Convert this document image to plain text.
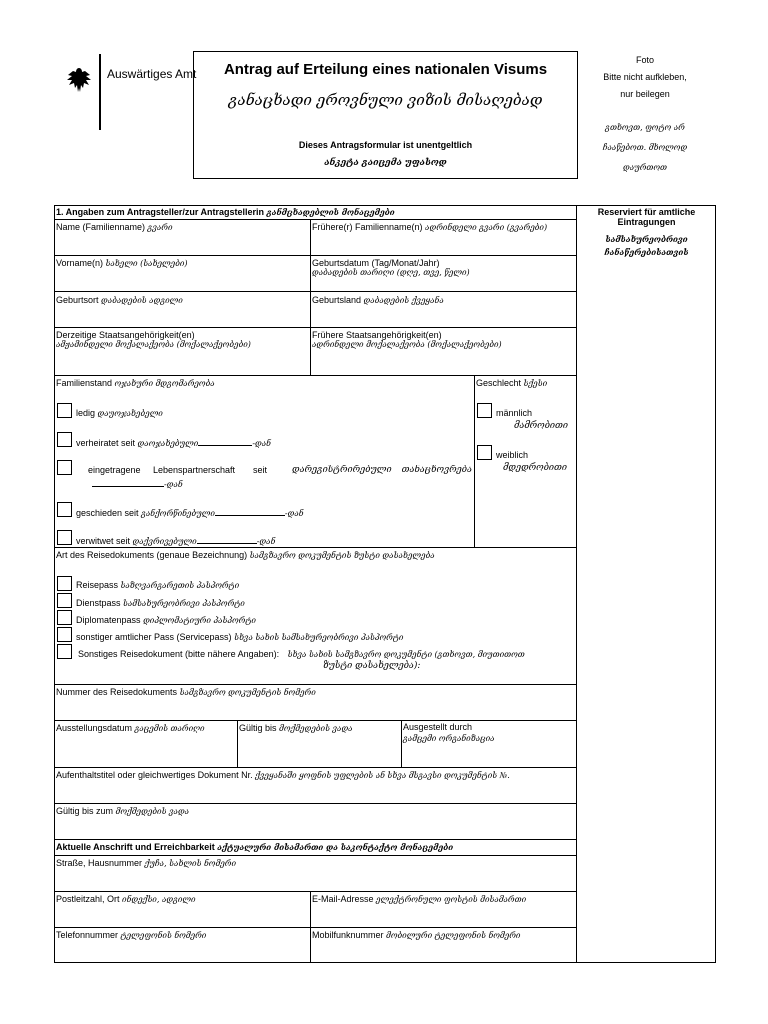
Auswärtiges Amt	Antrag auf Erteilung eines nationalen Visums
განაცხადი ეროვნული ვიზის მისაღებად
Dieses Antragsformular ist unentgeltlich
ანკეტა გაიცემა უფასოდ
Foto
Bitte nicht aufkleben,
nur beilegen
გთხოვთ, ფოტო არ
ჩააწებოთ. მხოლოდ
დაურთოთ
Reserviert für amtliche
Eintragungen
სამსახურეობრივი
ჩანაწერებისათვის
1. Angaben zum Antragsteller/zur Antragstellerin განმცხადებლის მონაცემები
Name (Familienname) გვარი	Frühere(r) Familienname(n) ადრინდელი გვარი (გვარები)
Vorname(n) სახელი (სახელები)	Geburtsdatum (Tag/Monat/Jahr)
დაბადების თარიღი (დღე, თვე, წელი)
Geburtsort დაბადების ადგილი	Geburtsland დაბადების ქვეყანა
Derzeitige Staatsangehörigkeit(en)
ამჟამინდელი მოქალაქეობა (მოქალაქეობები)
Frühere Staatsangehörigkeit(en)
ადრინდელი მოქალაქეობა (მოქალაქეობები)
Familienstand ოჯახური მდგომარეობა
ledig დაუოჯახებელი
verheiratet seit დაოჯახებული	-დან
eingetragene Lebenspartnerschaft seit	დარეგისტრირებული თანაცხოვრება
-დან
geschieden seit განქორწინებული	-დან
verwitwet seit დაქვრივებული	-დან
Geschlecht სქესი
männlich
მამრობითი
weiblich
მდედრობითი
Art des Reisedokuments (genaue Bezeichnung) სამგზავრო დოკუმენტის ზუსტი დასახელება
Reisepass საზღვარგარეთის პასპორტი
Dienstpass სამსახურეობრივი პასპორტი
Diplomatenpass დიპლომატიური პასპორტი
sonstiger amtlicher Pass (Servicepass) სხვა სახის სამსახურეობრივი პასპორტი
Sonstiges Reisedokument (bitte nähere Angaben): სხვა სახის სამგზავრო დოკუმენტი (გთხოვთ, მიუთითოთ
ზუსტი დასახელება):
Nummer des Reisedokuments სამგზავრო დოკუმენტის ნომერი
Ausstellungsdatum გაცემის თარიღი	Gültig bis მოქმედების ვადა	Ausgestellt durch
გამცემი ორგანიზაცია
Aufenthaltstitel oder gleichwertiges Dokument Nr. ქვეყანაში ყოფნის უფლების ან სხვა მსგავსი დოკუმენტის №.
Gültig bis zum მოქმედების ვადა
Aktuelle Anschrift und Erreichbarkeit აქტუალური მისამართი და საკონტაქტო მონაცემები
Straße, Hausnummer ქუჩა, სახლის ნომერი
Postleitzahl, Ort ინდექსი, ადგილი	E-Mail-Adresse ელექტრონული ფოსტის მისამართი
Telefonnummer ტელეფონის ნომერი	Mobilfunknummer მობილური ტელეფონის ნომერი
